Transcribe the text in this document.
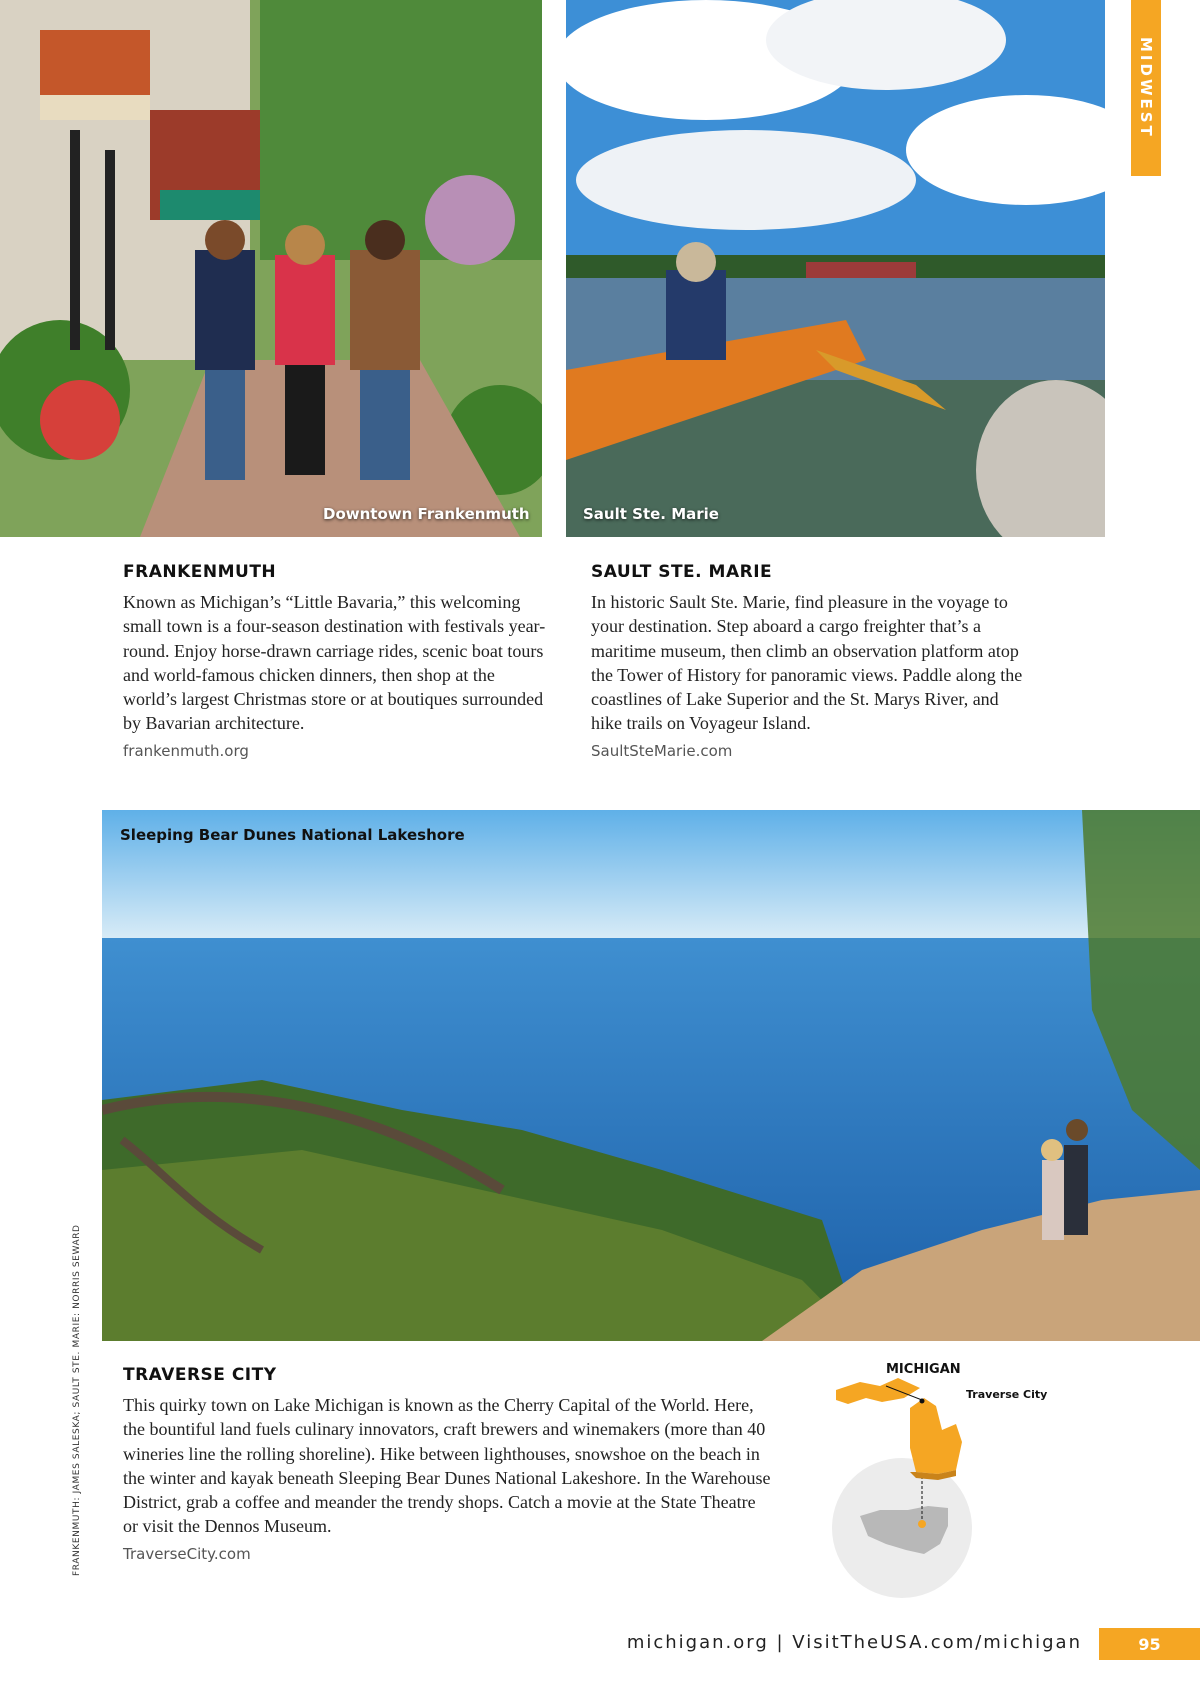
Downtown Frankenmuth	Sault Ste. Marie
MIDWEST
FRANKENMUTH

Known as Michigan’s “Little Bavaria,” this welcoming small town is a four-season destination with festivals year-round. Enjoy horse-drawn carriage rides, scenic boat tours and world-famous chicken dinners, then shop at the world’s largest Christmas store or at boutiques surrounded by Bavarian architecture.

frankenmuth.org
SAULT STE. MARIE

In historic Sault Ste. Marie, find pleasure in the voyage to your destination. Step aboard a cargo freighter that’s a maritime museum, then climb an observation platform atop the Tower of History for panoramic views. Paddle along the coastlines of Lake Superior and the St. Marys River, and hike trails on Voyageur Island.

SaultSteMarie.com
Sleeping Bear Dunes National Lakeshore
TRAVERSE CITY

This quirky town on Lake Michigan is known as the Cherry Capital of the World. Here, the bountiful land fuels culinary innovators, craft brewers and winemakers (more than 40 wineries line the rolling shoreline). Hike between lighthouses, snowshoe on the beach in the winter and kayak beneath Sleeping Bear Dunes National Lakeshore. In the Warehouse District, grab a coffee and meander the trendy shops. Catch a movie at the State Theatre or visit the Dennos Museum.

TraverseCity.com
MICHIGAN
Traverse City
FRANKENMUTH: JAMES SALESKA; SAULT STE. MARIE: NORRIS SEWARD
michigan.org | VisitTheUSA.com/michigan	95
